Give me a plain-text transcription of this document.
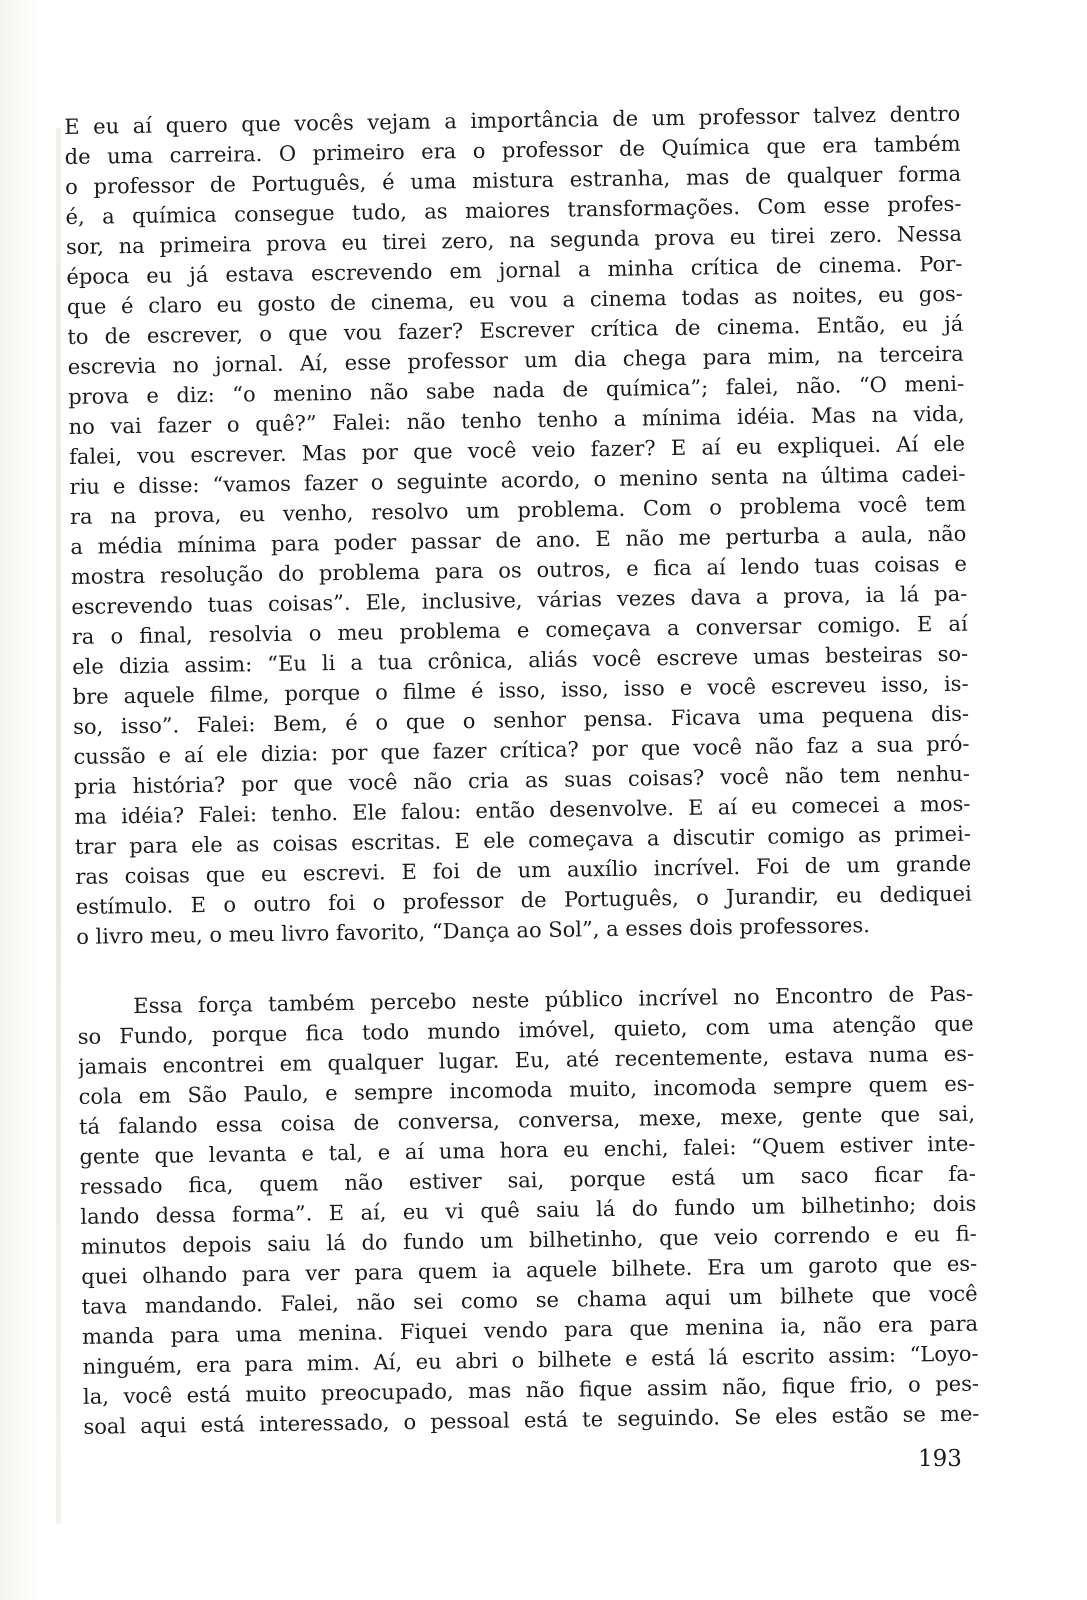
E eu aí quero que vocês vejam a importância de um professor talvez dentro
de uma carreira. O primeiro era o professor de Química que era também
o professor de Português, é uma mistura estranha, mas de qualquer forma
é, a química consegue tudo, as maiores transformações. Com esse profes-
sor, na primeira prova eu tirei zero, na segunda prova eu tirei zero. Nessa
época eu já estava escrevendo em jornal a minha crítica de cinema. Por-
que é claro eu gosto de cinema, eu vou a cinema todas as noites, eu gos-
to de escrever, o que vou fazer? Escrever crítica de cinema. Então, eu já
escrevia no jornal. Aí, esse professor um dia chega para mim, na terceira
prova e diz: “o menino não sabe nada de química”; falei, não. “O meni-
no vai fazer o quê?” Falei: não tenho tenho a mínima idéia. Mas na vida,
falei, vou escrever. Mas por que você veio fazer? E aí eu expliquei. Aí ele
riu e disse: “vamos fazer o seguinte acordo, o menino senta na última cadei-
ra na prova, eu venho, resolvo um problema. Com o problema você tem
a média mínima para poder passar de ano. E não me perturba a aula, não
mostra resolução do problema para os outros, e fica aí lendo tuas coisas e
escrevendo tuas coisas”. Ele, inclusive, várias vezes dava a prova, ia lá pa-
ra o final, resolvia o meu problema e começava a conversar comigo. E aí
ele dizia assim: “Eu li a tua crônica, aliás você escreve umas besteiras so-
bre aquele filme, porque o filme é isso, isso, isso e você escreveu isso, is-
so, isso”. Falei: Bem, é o que o senhor pensa. Ficava uma pequena dis-
cussão e aí ele dizia: por que fazer crítica? por que você não faz a sua pró-
pria história? por que você não cria as suas coisas? você não tem nenhu-
ma idéia? Falei: tenho. Ele falou: então desenvolve. E aí eu comecei a mos-
trar para ele as coisas escritas. E ele começava a discutir comigo as primei-
ras coisas que eu escrevi. E foi de um auxílio incrível. Foi de um grande
estímulo. E o outro foi o professor de Português, o Jurandir, eu dediquei
o livro meu, o meu livro favorito, “Dança ao Sol”, a esses dois professores.
Essa força também percebo neste público incrível no Encontro de Pas-
so Fundo, porque fica todo mundo imóvel, quieto, com uma atenção que
jamais encontrei em qualquer lugar. Eu, até recentemente, estava numa es-
cola em São Paulo, e sempre incomoda muito, incomoda sempre quem es-
tá falando essa coisa de conversa, conversa, mexe, mexe, gente que sai,
gente que levanta e tal, e aí uma hora eu enchi, falei: “Quem estiver inte-
ressado fica, quem não estiver sai, porque está um saco ficar fa-
lando dessa forma”. E aí, eu vi quê saiu lá do fundo um bilhetinho; dois
minutos depois saiu lá do fundo um bilhetinho, que veio correndo e eu fi-
quei olhando para ver para quem ia aquele bilhete. Era um garoto que es-
tava mandando. Falei, não sei como se chama aqui um bilhete que você
manda para uma menina. Fiquei vendo para que menina ia, não era para
ninguém, era para mim. Aí, eu abri o bilhete e está lá escrito assim: “Loyo-
la, você está muito preocupado, mas não fique assim não, fique frio, o pes-
soal aqui está interessado, o pessoal está te seguindo. Se eles estão se me-
193
